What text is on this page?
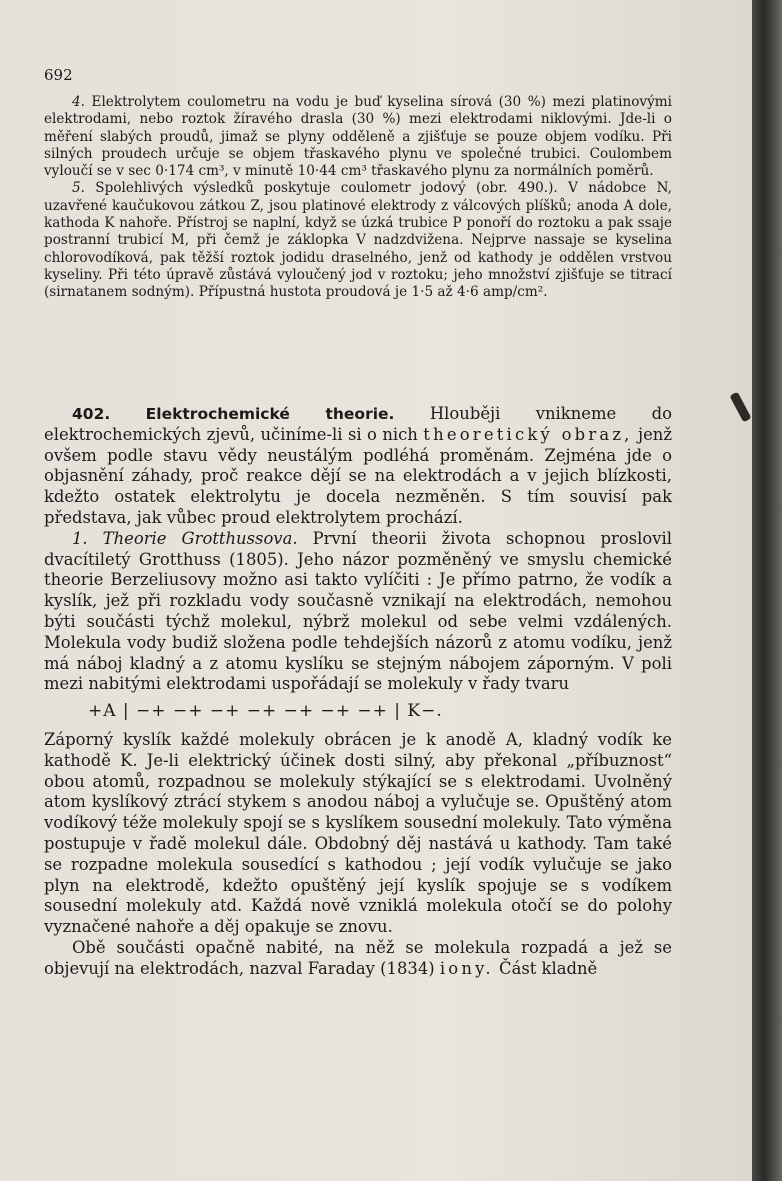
692

4. Elektrolytem coulometru na vodu je buď kyselina sírová (30 %) mezi platinovými elektrodami, nebo roztok žíravého drasla (30 %) mezi elektrodami niklovými. Jde-li o měření slabých proudů, jimaž se plyny odděleně a zjišťuje se pouze objem vodíku. Při silných proudech určuje se objem třaskavého plynu ve společné trubici. Coulombem vyloučí se v sec 0·174 cm³, v minutě 10·44 cm³ třaskavého plynu za normálních poměrů.

5. Spolehlivých výsledků poskytuje coulometr jodový (obr. 490.). V nádobce N, uzavřené kaučukovou zátkou Z, jsou platinové elektrody z válcových plíšků; anoda A dole, kathoda K nahoře. Přístroj se naplní, když se úzká trubice P ponoří do roztoku a pak ssaje postranní trubicí M, při čemž je záklopka V nadzdvižena. Nejprve nassaje se kyselina chlorovodíková, pak těžší roztok jodidu draselného, jenž od kathody je oddělen vrstvou kyseliny. Při této úpravě zůstává vyloučený jod v roztoku; jeho množství zjišťuje se titrací (sirnatanem sodným). Přípustná hustota proudová je 1·5 až 4·6 amp/cm².

402. Elektrochemické theorie. Hlouběji vnikneme do elektrochemických zjevů, učiníme-li si o nich theoretický obraz, jenž ovšem podle stavu vědy neustálým podléhá proměnám. Zejména jde o objasnění záhady, proč reakce dějí se na elektrodách a v jejich blízkosti, kdežto ostatek elektrolytu je docela nezměněn. S tím souvisí pak představa, jak vůbec proud elektrolytem prochází.

1. Theorie Grotthussova. První theorii života schopnou proslovil dvacítiletý Grotthuss (1805). Jeho názor pozměněný ve smyslu chemické theorie Berzeliusovy možno asi takto vylíčiti : Je přímo patrno, že vodík a kyslík, jež při rozkladu vody současně vznikají na elektrodách, nemohou býti součásti týchž molekul, nýbrž molekul od sebe velmi vzdálených. Molekula vody budiž složena podle tehdejších názorů z atomu vodíku, jenž má náboj kladný a z atomu kyslíku se stejným nábojem záporným. V poli mezi nabitými elektrodami uspořádají se molekuly v řady tvaru

+A | −+ −+ −+ −+ −+ −+ −+ | K−.

Záporný kyslík každé molekuly obrácen je k anodě A, kladný vodík ke kathodě K. Je-li elektrický účinek dosti silný, aby překonal „příbuznost“ obou atomů, rozpadnou se molekuly stýkající se s elektrodami. Uvolněný atom kyslíkový ztrácí stykem s anodou náboj a vylučuje se. Opuštěný atom vodíkový téže molekuly spojí se s kyslíkem sousední molekuly. Tato výměna postupuje v řadě molekul dále. Obdobný děj nastává u kathody. Tam také se rozpadne molekula sousedící s kathodou ; její vodík vylučuje se jako plyn na elektrodě, kdežto opuštěný její kyslík spojuje se s vodíkem sousední molekuly atd. Každá nově vzniklá molekula otočí se do polohy vyznačené nahoře a děj opakuje se znovu.

Obě součásti opačně nabité, na něž se molekula rozpadá a jež se objevují na elektrodách, nazval Faraday (1834) iony. Část kladně
